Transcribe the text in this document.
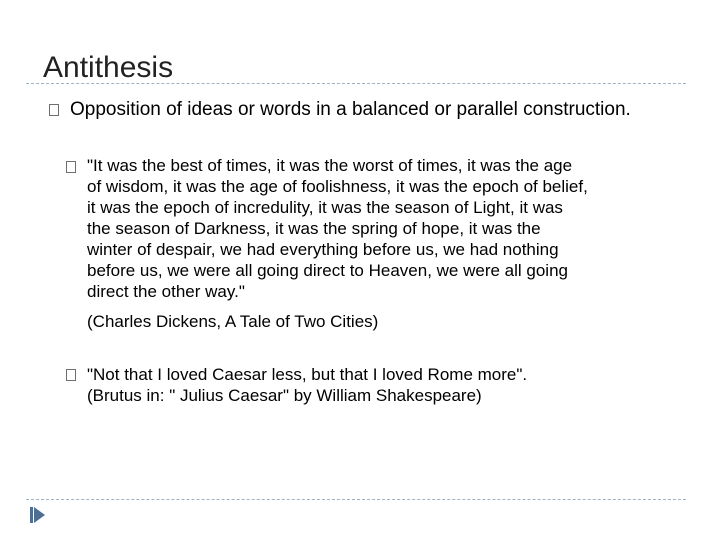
Antithesis
Opposition of ideas or words in a balanced or parallel construction.
"It was the best of times, it was the worst of times, it was the age
of wisdom, it was the age of foolishness, it was the epoch of belief,
it was the epoch of incredulity, it was the season of Light, it was
the season of Darkness, it was the spring of hope, it was the
winter of despair, we had everything before us, we had nothing
before us, we were all going direct to Heaven, we were all going
direct the other way."
(Charles Dickens, A Tale of Two Cities)
"Not that I loved Caesar less, but that I loved Rome more".
(Brutus in: " Julius Caesar" by William Shakespeare)
